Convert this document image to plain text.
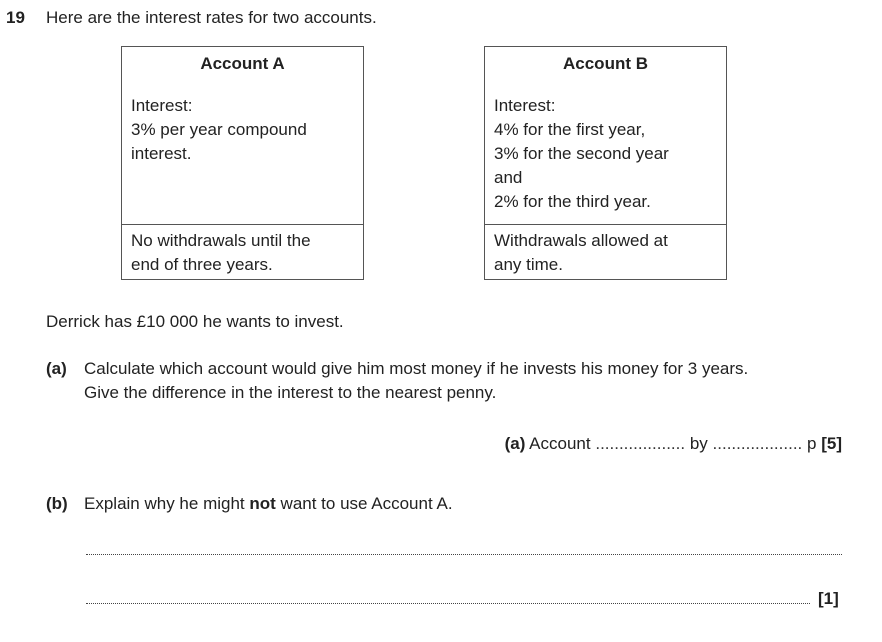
19 Here are the interest rates for two accounts.
Account A
Interest:
3% per year compound
interest.
No withdrawals until the
end of three years.
Account B
Interest:
4% for the first year,
3% for the second year
and
2% for the third year.
Withdrawals allowed at
any time.
Derrick has £10 000 he wants to invest.
(a) Calculate which account would give him most money if he invests his money for 3 years.
Give the difference in the interest to the nearest penny.
(a) Account ................... by ................... p [5]
(b) Explain why he might not want to use Account A.
[1]
